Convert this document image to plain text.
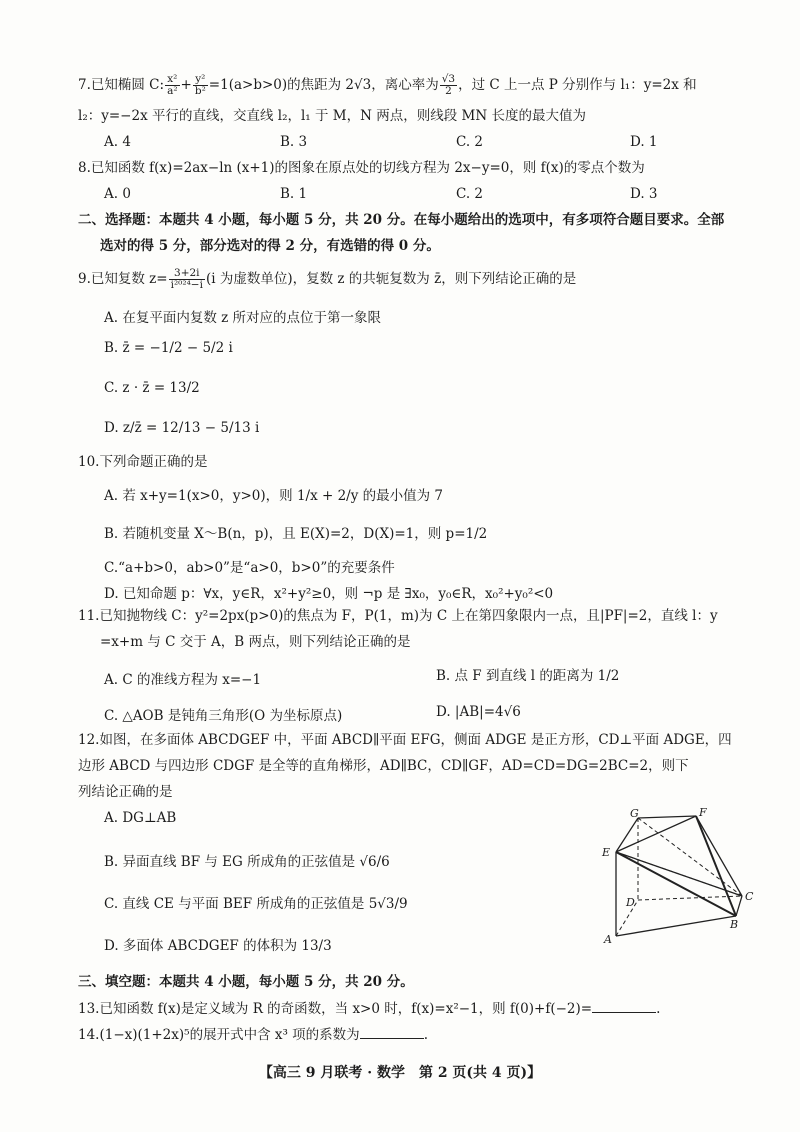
7.已知椭圆 C: $\frac{\text{x²}}{\text{a²}} + \frac{\text{y²}}{\text{b²}} =1(a>b>0)$的焦距为 2√3，离心率为 $\frac{√3}{2}$ ，过 C 上一点 P 分别作与 l₁：y=2x 和
l₂：y=−2x 平行的直线，交直线 l₂，l₁ 于 M，N 两点，则线段 MN 长度的最大值为
A. 4	B. 3	C. 2	D. 1
8.已知函数 f(x)=2ax−ln (x+1)的图象在原点处的切线方程为 2x−y=0，则 f(x)的零点个数为
A. 0	B. 1	C. 2	D. 3
二、选择题：本题共 4 小题，每小题 5 分，共 20 分。在每小题给出的选项中，有多项符合题目要求。全部
选对的得 5 分，部分选对的得 2 分，有选错的得 0 分。
9.已知复数 $z= \frac{3+2i}{\text{i²⁰²⁴−i}} (i$ 为虚数单位)，复数 z 的共轭复数为 z̄，则下列结论正确的是
A. 在复平面内复数 z 所对应的点位于第一象限
B. z̄ = −1/2 − 5/2 i
C. z · z̄ = 13/2
D. z/z̄ = 12/13 − 5/13 i
10.下列命题正确的是
A. 若 x+y=1(x>0，y>0)，则 1/x + 2/y 的最小值为 7
B. 若随机变量 X～B(n，p)，且 E(X)=2，D(X)=1，则 p=1/2
C.“a+b>0，ab>0”是“a>0，b>0”的充要条件
D. 已知命题 p：∀x，y∈R，x²+y²≥0，则 ¬p 是 ∃x₀，y₀∈R，x₀²+y₀²<0
11.已知抛物线 C：y²=2px(p>0)的焦点为 F，P(1，m)为 C 上在第四象限内一点，且|PF|=2，直线 l：y
=x+m 与 C 交于 A，B 两点，则下列结论正确的是
A. C 的准线方程为 x=−1	B. 点 F 到直线 l 的距离为 1/2
C. △AOB 是钝角三角形(O 为坐标原点)	D. |AB|=4√6
12.如图，在多面体 ABCDGEF 中，平面 ABCD∥平面 EFG，侧面 ADGE 是正方形，CD⊥平面 ADGE，四
边形 ABCD 与四边形 CDGF 是全等的直角梯形，AD∥BC，CD∥GF，AD=CD=DG=2BC=2，则下
列结论正确的是
A. DG⊥AB
B. 异面直线 BF 与 EG 所成角的正弦值是 √6/6
C. 直线 CE 与平面 BEF 所成角的正弦值是 5√3/9
D. 多面体 ABCDGEF 的体积为 13/3
G	F
E
D	C
B
A
三、填空题：本题共 4 小题，每小题 5 分，共 20 分。
13.已知函数 f(x)是定义域为 R 的奇函数，当 x>0 时，f(x)=x²−1，则 f(0)+f(−2)=	.
14.(1−x)(1+2x)⁵的展开式中含 x³ 项的系数为	.
【高三 9 月联考 · 数学　第 2 页(共 4 页)】
